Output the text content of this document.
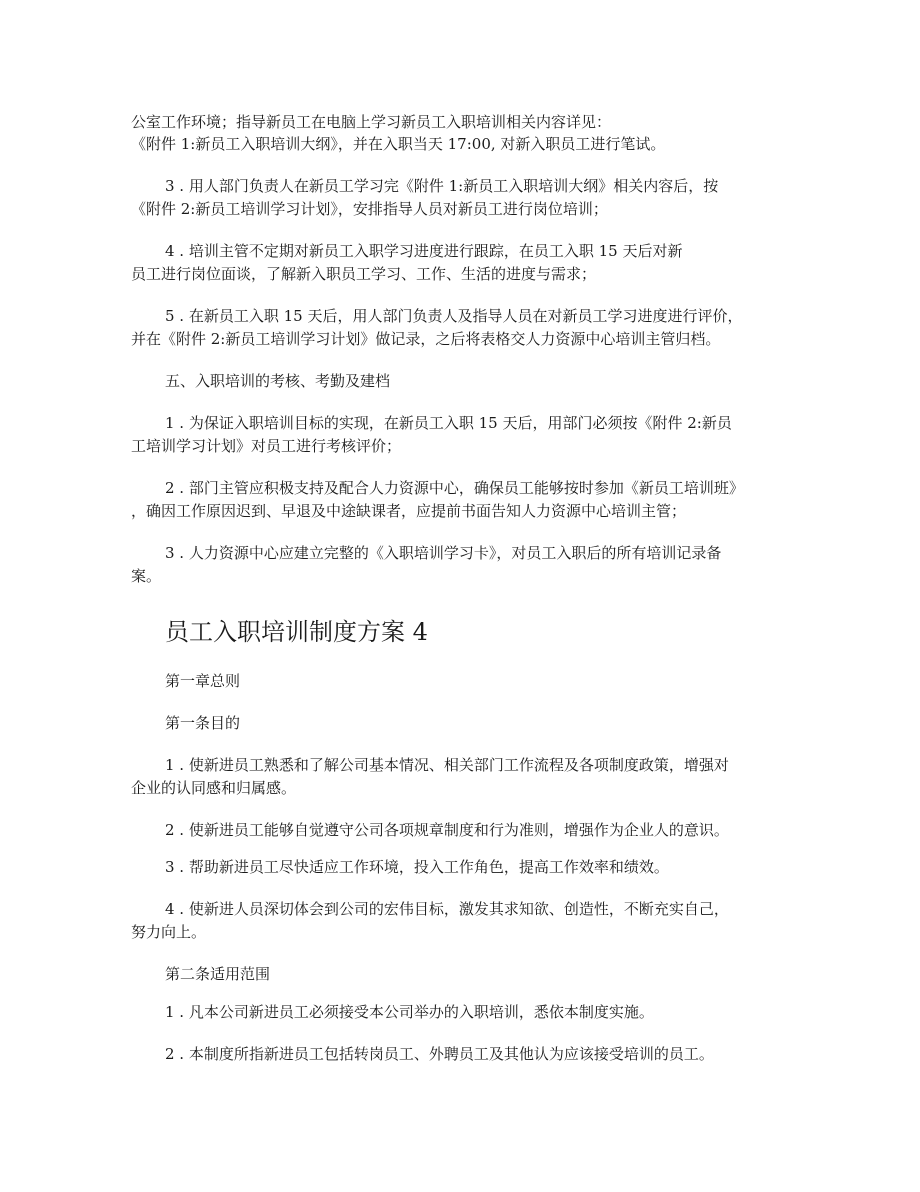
公室工作环境；指导新员工在电脑上学习新员工入职培训相关内容详见：
《附件 1:新员工入职培训大纲》，并在入职当天 17:00, 对新入职员工进行笔试。
3 . 用人部门负责人在新员工学习完《附件 1:新员工入职培训大纲》相关内容后，按
《附件 2:新员工培训学习计划》，安排指导人员对新员工进行岗位培训；
4 . 培训主管不定期对新员工入职学习进度进行跟踪，在员工入职 15 天后对新
员工进行岗位面谈，了解新入职员工学习、工作、生活的进度与需求；
5 . 在新员工入职 15 天后，用人部门负责人及指导人员在对新员工学习进度进行评价，
并在《附件 2:新员工培训学习计划》做记录，之后将表格交人力资源中心培训主管归档。
五、入职培训的考核、考勤及建档
1 . 为保证入职培训目标的实现，在新员工入职 15 天后，用部门必须按《附件 2:新员
工培训学习计划》对员工进行考核评价；
2 . 部门主管应积极支持及配合人力资源中心，确保员工能够按时参加《新员工培训班》
，确因工作原因迟到、早退及中途缺课者，应提前书面告知人力资源中心培训主管；
3 . 人力资源中心应建立完整的《入职培训学习卡》，对员工入职后的所有培训记录备
案。
员工入职培训制度方案 4
第一章总则
第一条目的
1 . 使新进员工熟悉和了解公司基本情况、相关部门工作流程及各项制度政策，增强对
企业的认同感和归属感。
2 . 使新进员工能够自觉遵守公司各项规章制度和行为准则，增强作为企业人的意识。
3 . 帮助新进员工尽快适应工作环境，投入工作角色，提高工作效率和绩效。
4 . 使新进人员深切体会到公司的宏伟目标，激发其求知欲、创造性，不断充实自己，
努力向上。
第二条适用范围
1 . 凡本公司新进员工必须接受本公司举办的入职培训，悉依本制度实施。
2 . 本制度所指新进员工包括转岗员工、外聘员工及其他认为应该接受培训的员工。
